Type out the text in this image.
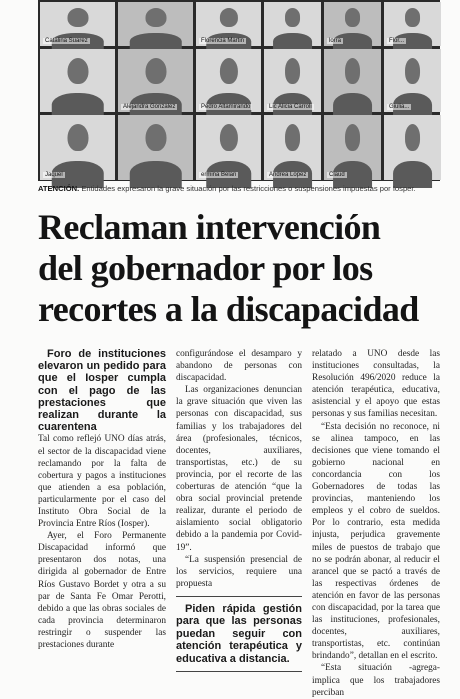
Catalina Suarez	Florencia Martin	lorra	Flor...
Alejandra Gonzalez	Pedro Altamirando	Lic Alicia Carroli	Giulia...
Jaquel	ermina Belan	Andrea Lopez	Claud
ATENCIÓN. Entidades expresaron la grave situación por las restricciones o suspensiones impuestas por Iosper.
Reclaman intervención
del gobernador por los
recortes a la discapacidad

Foro de instituciones elevaron un pedido para que el Iosper cumpla con el pago de las prestaciones que realizan durante la cuarentena

Tal como reflejó UNO días atrás, el sector de la discapacidad viene reclamando por la falta de cobertura y pagos a instituciones que atienden a esa población, particularmente por el caso del Instituto Obra Social de la Provincia Entre Ríos (Iosper).

Ayer, el Foro Permanente Discapacidad informó que presentaron dos notas, una dirigida al gobernador de Entre Ríos Gustavo Bordet y otra a su par de Santa Fe Omar Perotti, debido a que las obras sociales de cada provincia determinaron restringir o suspender las prestaciones durante

configurándose el desamparo y abandono de personas con discapacidad.

Las organizaciones denuncian la grave situación que viven las personas con discapacidad, sus familias y los trabajadores del área (profesionales, técnicos, docentes, auxiliares, transportistas, etc.) de su provincia, por el recorte de las coberturas de atención “que la obra social provincial pretende realizar, durante el periodo de aislamiento social obligatorio debido a la pandemia por Covid-19”.

“La suspensión presencial de los servicios, requiere una propuesta

Piden rápida gestión para que las personas puedan seguir con atención terapéutica y educativa a distancia.

relatado a UNO desde las instituciones consultadas, la Resolución 496/2020 reduce la atención terapéutica, educativa, asistencial y el apoyo que estas personas y sus familias necesitan.

“Esta decisión no reconoce, ni se alinea tampoco, en las decisiones que viene tomando el gobierno nacional en concordancia con los Gobernadores de todas las provincias, manteniendo los empleos y el cobro de sueldos. Por lo contrario, esta medida injusta, perjudica gravemente miles de puestos de trabajo que no se podrán abonar, al reducir el arancel que se pactó a través de las respectivas órdenes de atención en favor de las personas con discapacidad, por la tarea que las instituciones, profesionales, docentes, auxiliares, transportistas, etc. continúan brindando”, detallan en el escrito.

“Esta situación -agrega- implica que los trabajadores perciban
